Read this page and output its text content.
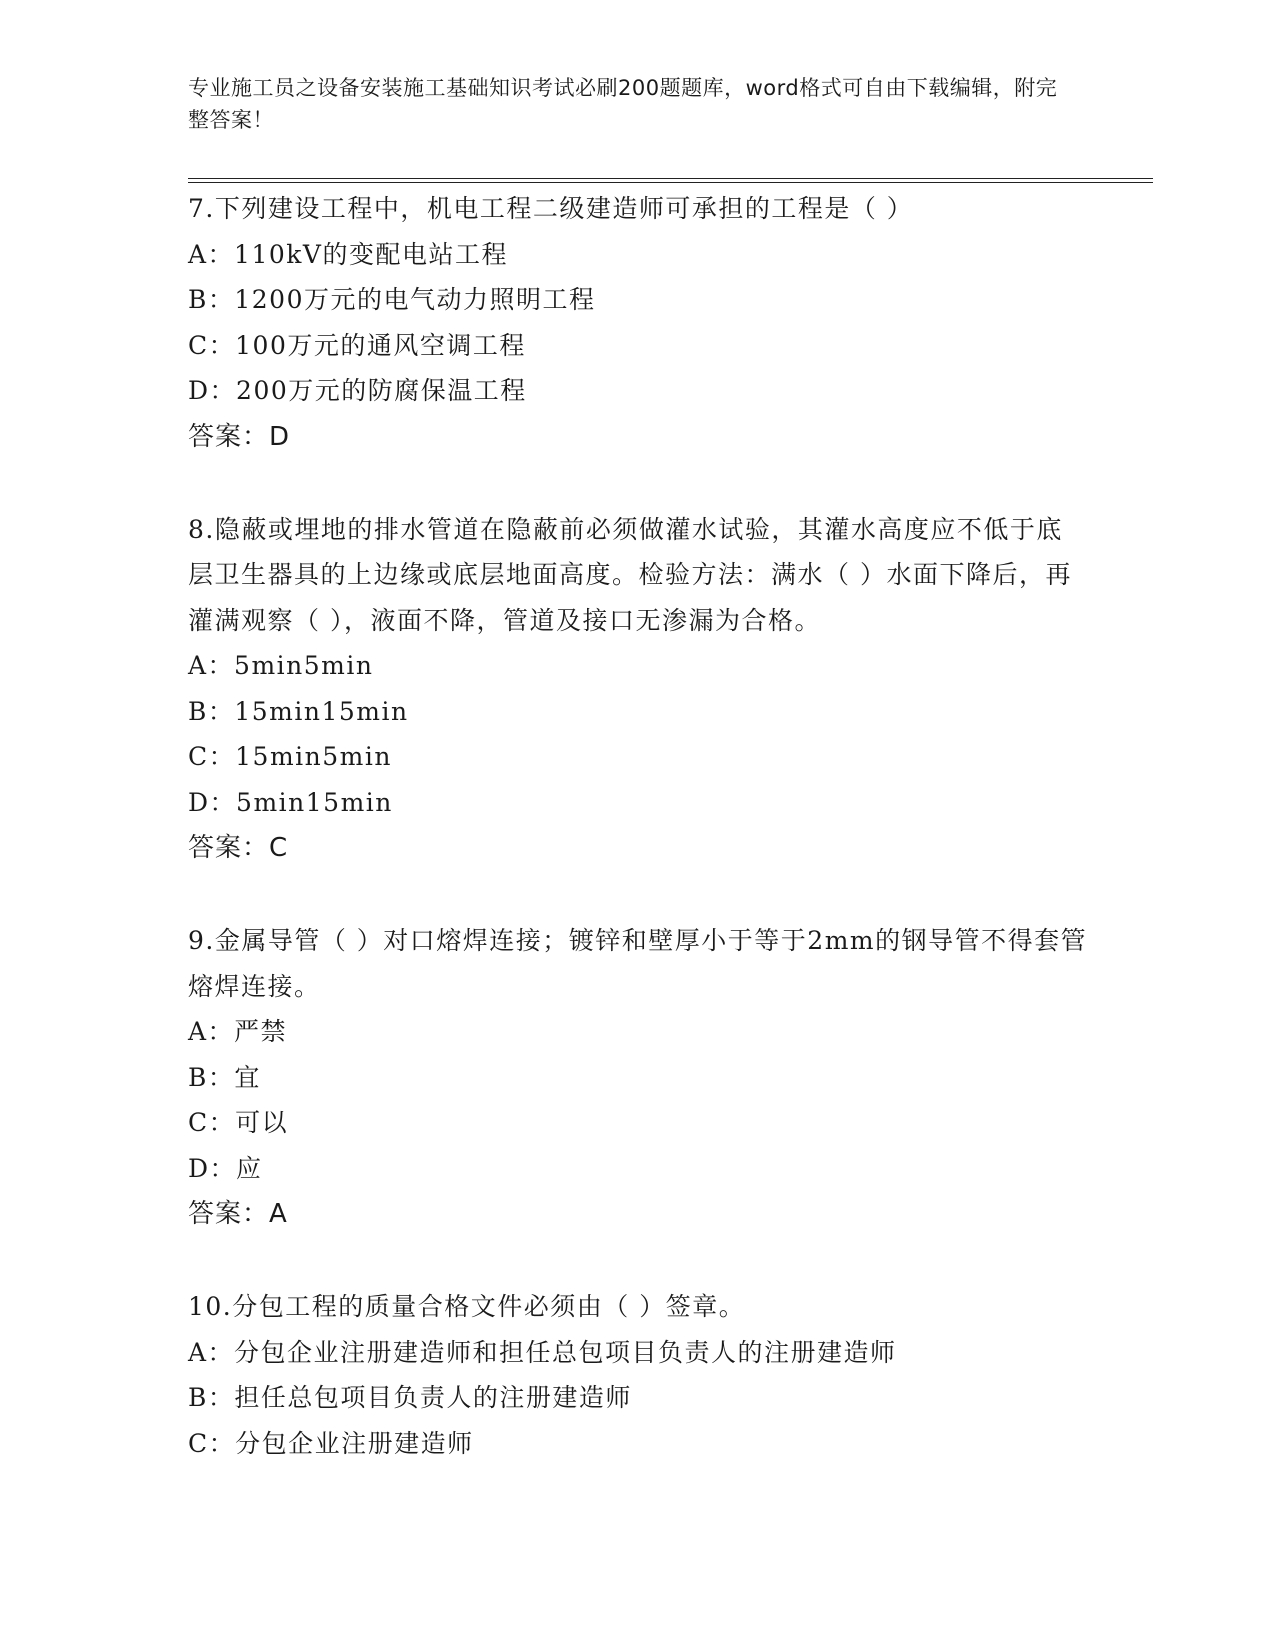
专业施工员之设备安装施工基础知识考试必刷200题题库，word格式可自由下载编辑，附完整答案！

7.下列建设工程中，机电工程二级建造师可承担的工程是（ ）

A：110kV的变配电站工程

B：1200万元的电气动力照明工程

C：100万元的通风空调工程

D：200万元的防腐保温工程

答案：D

8.隐蔽或埋地的排水管道在隐蔽前必须做灌水试验，其灌水高度应不低于底层卫生器具的上边缘或底层地面高度。检验方法：满水（ ）水面下降后，再灌满观察（ ），液面不降，管道及接口无渗漏为合格。

A：5min5min

B：15min15min

C：15min5min

D：5min15min

答案：C

9.金属导管（ ）对口熔焊连接；镀锌和壁厚小于等于2mm的钢导管不得套管熔焊连接。

A：严禁

B：宜

C：可以

D：应

答案：A

10.分包工程的质量合格文件必须由（ ）签章。

A：分包企业注册建造师和担任总包项目负责人的注册建造师

B：担任总包项目负责人的注册建造师

C：分包企业注册建造师
